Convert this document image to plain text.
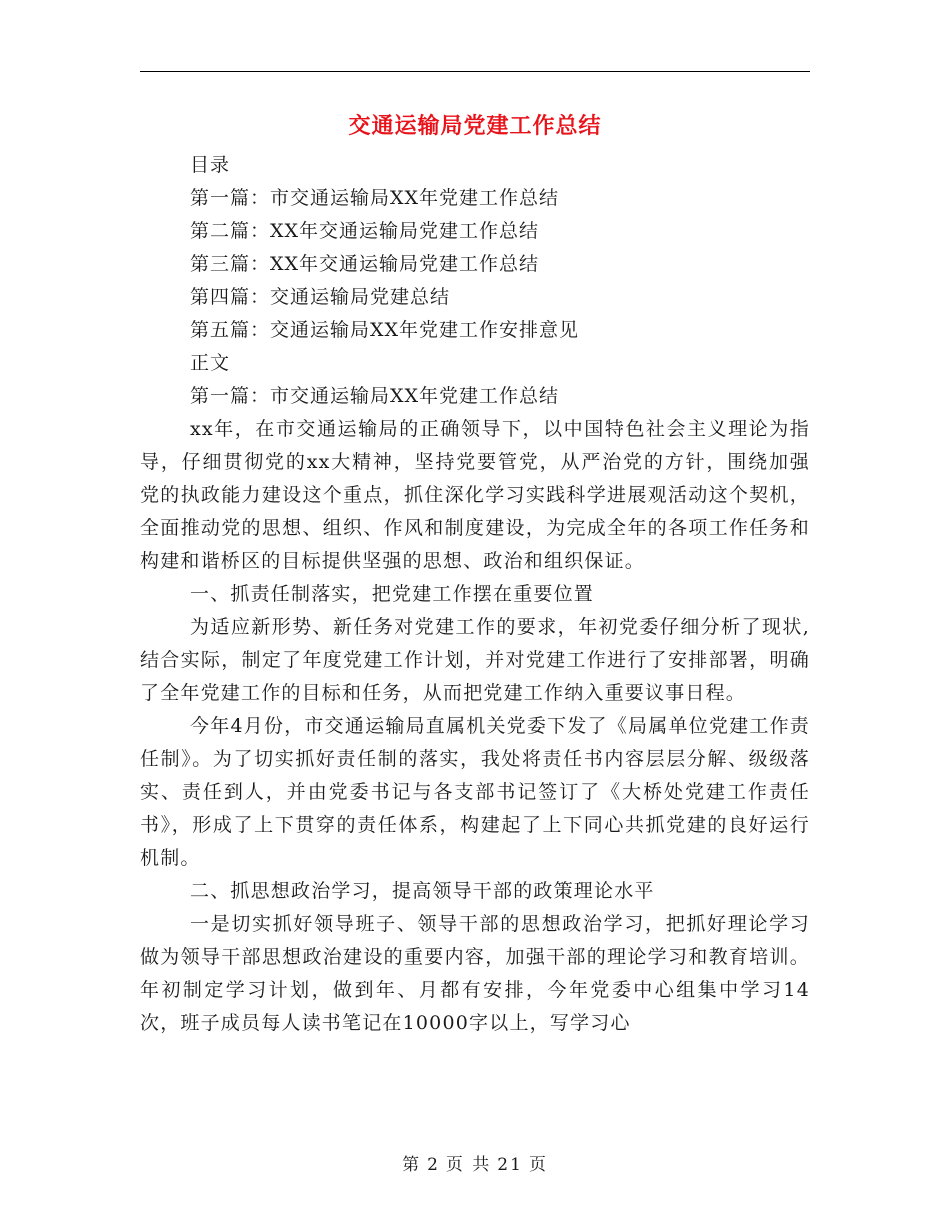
交通运输局党建工作总结
目录
第一篇：市交通运输局XX年党建工作总结
第二篇：XX年交通运输局党建工作总结
第三篇：XX年交通运输局党建工作总结
第四篇：交通运输局党建总结
第五篇：交通运输局XX年党建工作安排意见
正文
第一篇：市交通运输局XX年党建工作总结

xx年，在市交通运输局的正确领导下，以中国特色社会主义理论为指导，仔细贯彻党的xx大精神，坚持党要管党，从严治党的方针，围绕加强党的执政能力建设这个重点，抓住深化学习实践科学进展观活动这个契机，全面推动党的思想、组织、作风和制度建设，为完成全年的各项工作任务和构建和谐桥区的目标提供坚强的思想、政治和组织保证。

一、抓责任制落实，把党建工作摆在重要位置

为适应新形势、新任务对党建工作的要求，年初党委仔细分析了现状,结合实际，制定了年度党建工作计划，并对党建工作进行了安排部署，明确了全年党建工作的目标和任务，从而把党建工作纳入重要议事日程。

今年4月份，市交通运输局直属机关党委下发了《局属单位党建工作责任制》。为了切实抓好责任制的落实，我处将责任书内容层层分解、级级落实、责任到人，并由党委书记与各支部书记签订了《大桥处党建工作责任书》，形成了上下贯穿的责任体系，构建起了上下同心共抓党建的良好运行机制。

二、抓思想政治学习，提高领导干部的政策理论水平

一是切实抓好领导班子、领导干部的思想政治学习，把抓好理论学习做为领导干部思想政治建设的重要内容，加强干部的理论学习和教育培训。年初制定学习计划，做到年、月都有安排，今年党委中心组集中学习14次，班子成员每人读书笔记在10000字以上，写学习心

第 2 页 共 21 页
